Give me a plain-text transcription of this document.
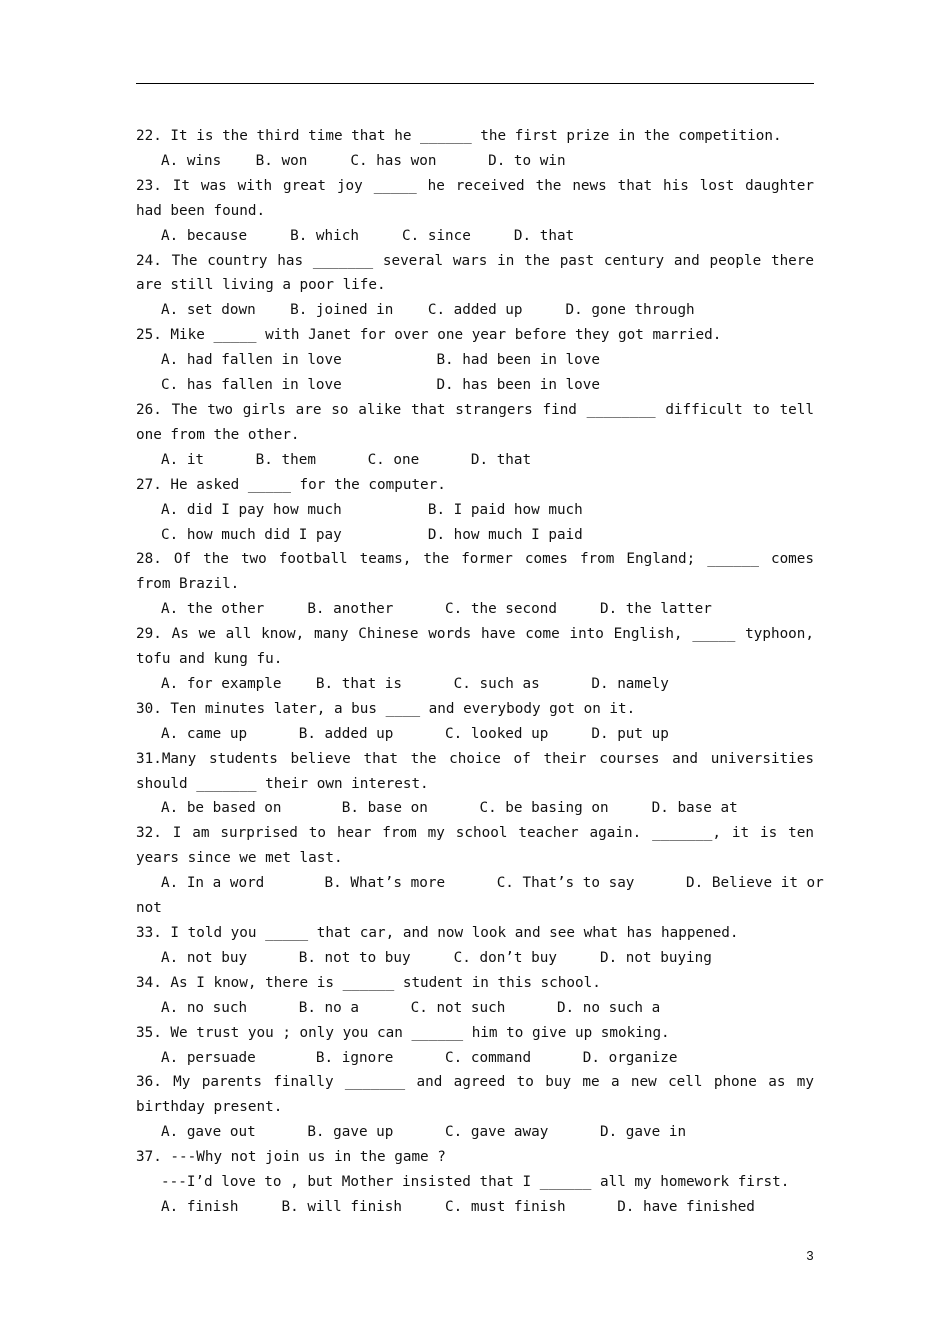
22. It is the third time that he ______ the first prize in the competition.
A. wins    B. won     C. has won      D. to win
23. It was with great joy _____ he received the news that his lost daughter had been found.
A. because     B. which     C. since     D. that
24. The country has _______ several wars in the past century and people there are still living a poor life.
A. set down    B. joined in    C. added up     D. gone through
25. Mike _____ with Janet for over one year before they got married.
A. had fallen in love           B. had been in love
C. has fallen in love           D. has been in love
26. The two girls are so alike that strangers find ________ difficult to tell one from the other.
A. it      B. them      C. one      D. that
27. He asked _____ for the computer.
A. did I pay how much          B. I paid how much
C. how much did I pay          D. how much I paid
28. Of the two football teams, the former comes from England; ______ comes from Brazil.
A. the other     B. another      C. the second     D. the latter
29. As we all know, many Chinese words have come into English, _____ typhoon, tofu and kung fu.
A. for example    B. that is      C. such as      D. namely
30. Ten minutes later, a bus ____ and everybody got on it.
A. came up      B. added up      C. looked up     D. put up
31.Many students believe that the choice of their courses and universities should _______ their own interest.
A. be based on       B. base on      C. be basing on     D. base at
32. I am surprised to hear from my school teacher again. _______, it is ten years since we met last.
A. In a word       B. What’s more      C. That’s to say      D. Believe it or
not
33. I told you _____ that car, and now look and see what has happened.
A. not buy      B. not to buy     C. don’t buy     D. not buying
34. As I know, there is ______ student in this school.
A. no such      B. no a      C. not such      D. no such a
35. We trust you ; only you can ______ him to give up smoking.
A. persuade       B. ignore      C. command      D. organize
36. My parents finally _______ and agreed to buy me a new cell phone as my birthday present.
A. gave out      B. gave up      C. gave away      D. gave in
37. ---Why not join us in the game ?
---I’d love to , but Mother insisted that I ______ all my homework first.
A. finish     B. will finish     C. must finish      D. have finished
3
